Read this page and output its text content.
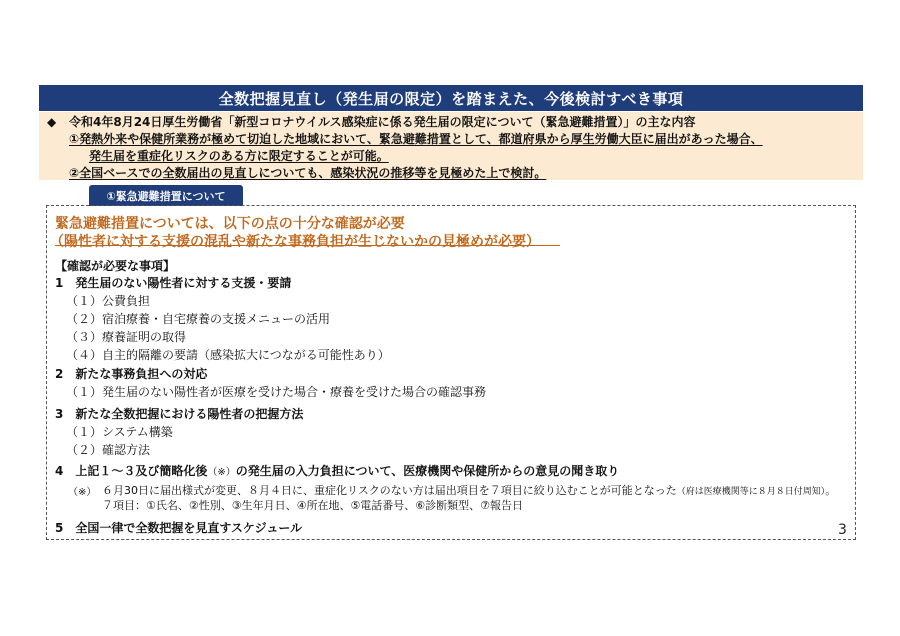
全数把握見直し（発生届の限定）を踏まえた、今後検討すべき事項
◆ 令和4年8月24日厚生労働省「新型コロナウイルス感染症に係る発生届の限定について（緊急避難措置）」の主な内容
①発熱外来や保健所業務が極めて切迫した地域において、緊急避難措置として、都道府県から厚生労働大臣に届出があった場合、
発生届を重症化リスクのある方に限定することが可能。
②全国ベースでの全数届出の見直しについても、感染状況の推移等を見極めた上で検討。
①緊急避難措置について
緊急避難措置については、以下の点の十分な確認が必要
（陽性者に対する支援の混乱や新たな事務負担が生じないかの見極めが必要）
【確認が必要な事項】
1　発生届のない陽性者に対する支援・要請
（１）公費負担
（２）宿泊療養・自宅療養の支援メニューの活用
（３）療養証明の取得
（４）自主的隔離の要請（感染拡大につながる可能性あり）
2　新たな事務負担への対応
（１）発生届のない陽性者が医療を受けた場合・療養を受けた場合の確認事務
3　新たな全数把握における陽性者の把握方法
（１）システム構築
（２）確認方法
4　上記１～３及び簡略化後（※）の発生届の入力負担について、医療機関や保健所からの意見の聞き取り
（※） ６月30日に届出様式が変更、８月４日に、重症化リスクのない方は届出項目を７項目に絞り込むことが可能となった（府は医療機関等に８月８日付周知）。
７項目：①氏名、②性別、③生年月日、④所在地、⑤電話番号、⑥診断類型、⑦報告日
5　全国一律で全数把握を見直すスケジュール	3
